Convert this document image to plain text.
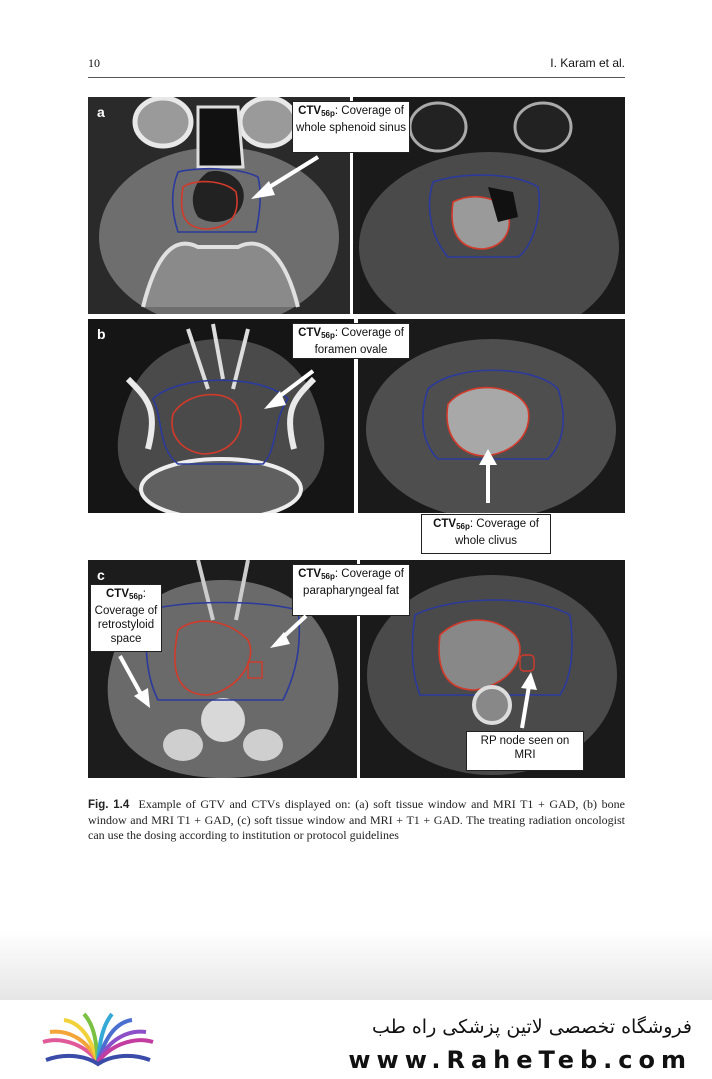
10	I. Karam et al.
a	$CTV_{56p}$: Coverage of whole sphenoid sinus
b	$CTV_{56p}$: Coverage of foramen ovale
$CTV_{56p}$: Coverage of whole clivus
c
$CTV_{56p}$: Coverage of retrostyloid space
$CTV_{56p}$: Coverage of parapharyngeal fat
RP node seen on MRI
Fig. 1.4 Example of GTV and CTVs displayed on: (a) soft tissue window and MRI T1 + GAD, (b) bone window and MRI T1 + GAD, (c) soft tissue window and MRI + T1 + GAD. The treating radiation oncologist can use the dosing according to institution or protocol guidelines
فروشگاه تخصصی لاتین پزشکی راه طب
www.RaheTeb.com
